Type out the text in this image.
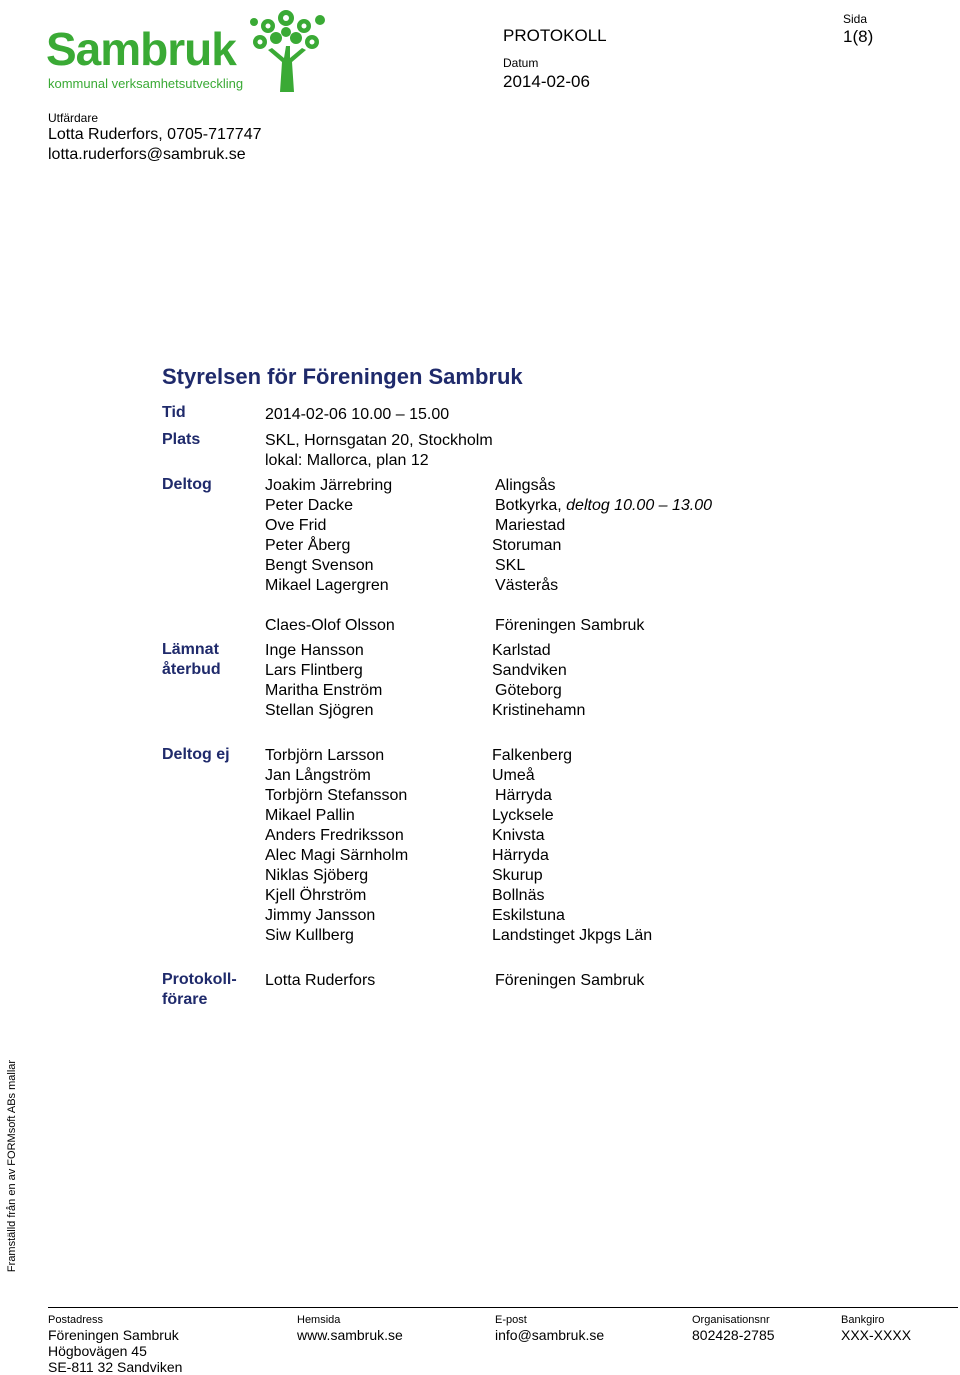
Sambruk
kommunal verksamhetsutveckling
PROTOKOLL
Datum
2014-02-06
Sida
1(8)
Utfärdare
Lotta Ruderfors, 0705-717747
lotta.ruderfors@sambruk.se
Styrelsen för Föreningen Sambruk
Tid	2014-02-06 10.00 – 15.00
Plats	SKL, Hornsgatan 20, Stockholm
lokal: Mallorca, plan 12
Deltog	Joakim Järrebring	Alingsås
Peter Dacke	Botkyrka, deltog 10.00 – 13.00
Ove Frid	Mariestad
Peter Åberg	Storuman
Bengt Svenson	SKL
Mikael Lagergren	Västerås
Claes-Olof Olsson	Föreningen Sambruk
Lämnat
återbud
Inge Hansson	Karlstad
Lars Flintberg	Sandviken
Maritha Enström	Göteborg
Stellan Sjögren	Kristinehamn
Deltog ej Torbjörn Larsson	Falkenberg
Jan Långström	Umeå
Torbjörn Stefansson	Härryda
Mikael Pallin	Lycksele
Anders Fredriksson	Knivsta
Alec Magi Särnholm	Härryda
Niklas Sjöberg	Skurup
Kjell Öhrström	Bollnäs
Jimmy Jansson	Eskilstuna
Siw Kullberg	Landstinget Jkpgs Län
Protokoll-
förare
Lotta Ruderfors	Föreningen Sambruk
Framställd från en av FORMsoft ABs mallar
Postadress
Föreningen Sambruk
Högbovägen 45
SE-811 32 Sandviken
Hemsida
www.sambruk.se
E-post
info@sambruk.se
Organisationsnr
802428-2785
Bankgiro
XXX-XXXX
